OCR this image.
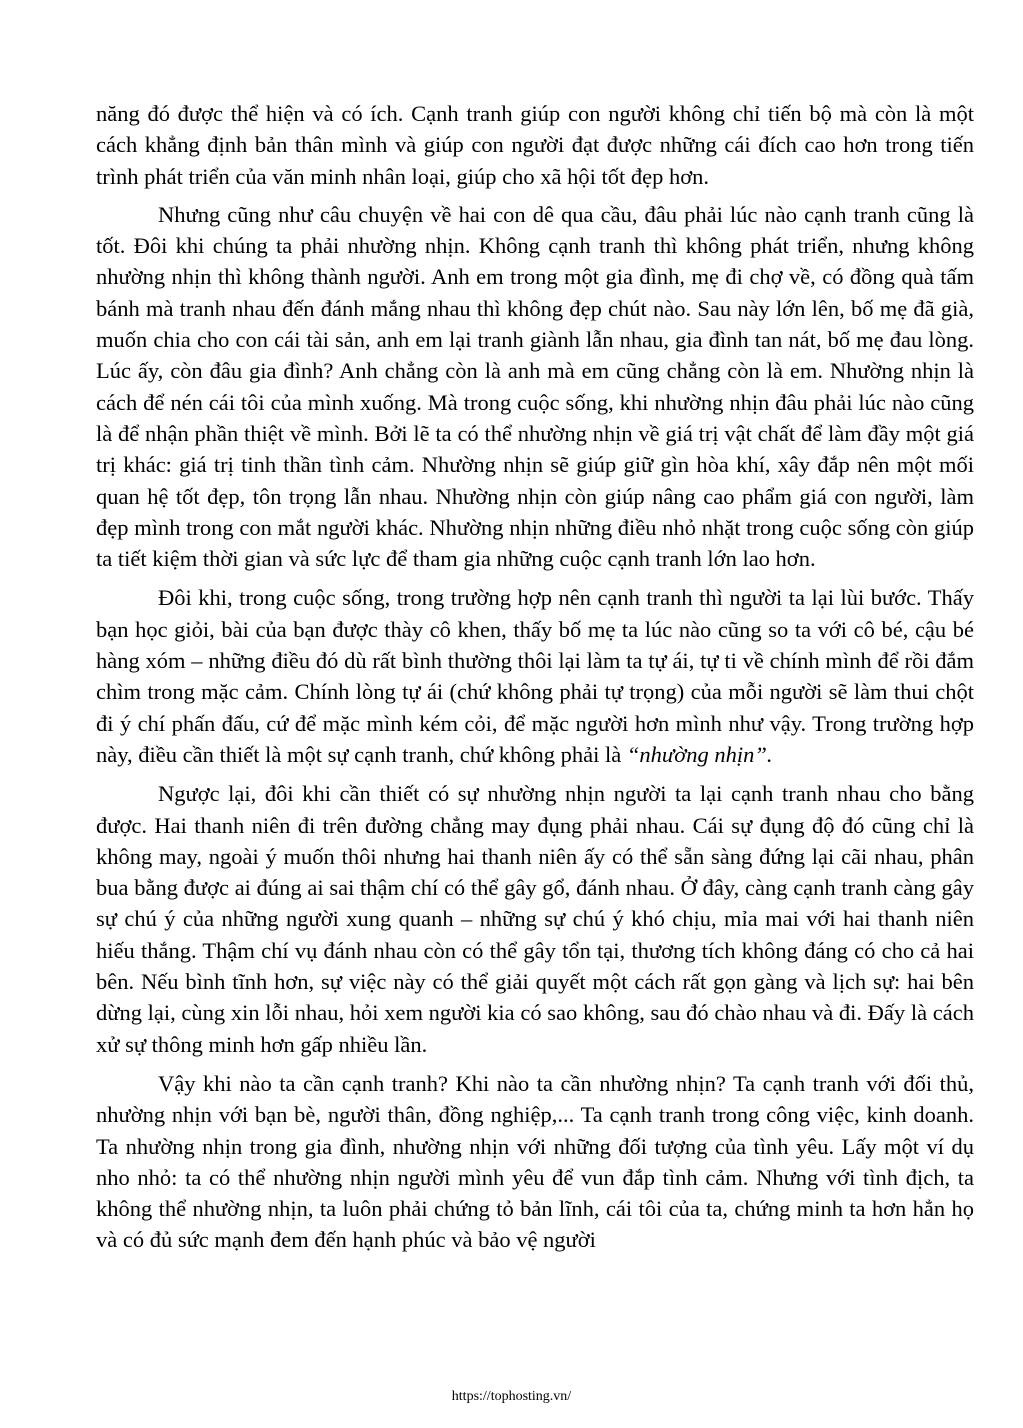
năng đó được thể hiện và có ích. Cạnh tranh giúp con người không chỉ tiến bộ mà còn là một cách khẳng định bản thân mình và giúp con người đạt được những cái đích cao hơn trong tiến trình phát triển của văn minh nhân loại, giúp cho xã hội tốt đẹp hơn.

Nhưng cũng như câu chuyện về hai con dê qua cầu, đâu phải lúc nào cạnh tranh cũng là tốt. Đôi khi chúng ta phải nhường nhịn. Không cạnh tranh thì không phát triển, nhưng không nhường nhịn thì không thành người. Anh em trong một gia đình, mẹ đi chợ về, có đồng quà tấm bánh mà tranh nhau đến đánh mắng nhau thì không đẹp chút nào. Sau này lớn lên, bố mẹ đã già, muốn chia cho con cái tài sản, anh em lại tranh giành lẫn nhau, gia đình tan nát, bố mẹ đau lòng. Lúc ấy, còn đâu gia đình? Anh chẳng còn là anh mà em cũng chẳng còn là em. Nhường nhịn là cách để nén cái tôi của mình xuống. Mà trong cuộc sống, khi nhường nhịn đâu phải lúc nào cũng là để nhận phần thiệt về mình. Bởi lẽ ta có thể nhường nhịn về giá trị vật chất để làm đầy một giá trị khác: giá trị tinh thần tình cảm. Nhường nhịn sẽ giúp giữ gìn hòa khí, xây đắp nên một mối quan hệ tốt đẹp, tôn trọng lẫn nhau. Nhường nhịn còn giúp nâng cao phẩm giá con người, làm đẹp mình trong con mắt người khác. Nhường nhịn những điều nhỏ nhặt trong cuộc sống còn giúp ta tiết kiệm thời gian và sức lực để tham gia những cuộc cạnh tranh lớn lao hơn.

Đôi khi, trong cuộc sống, trong trường hợp nên cạnh tranh thì người ta lại lùi bước. Thấy bạn học giỏi, bài của bạn được thày cô khen, thấy bố mẹ ta lúc nào cũng so ta với cô bé, cậu bé hàng xóm – những điều đó dù rất bình thường thôi lại làm ta tự ái, tự ti về chính mình để rồi đắm chìm trong mặc cảm. Chính lòng tự ái (chứ không phải tự trọng) của mỗi người sẽ làm thui chột đi ý chí phấn đấu, cứ để mặc mình kém cỏi, để mặc người hơn mình như vậy. Trong trường hợp này, điều cần thiết là một sự cạnh tranh, chứ không phải là “nhường nhịn”.

Ngược lại, đôi khi cần thiết có sự nhường nhịn người ta lại cạnh tranh nhau cho bằng được. Hai thanh niên đi trên đường chẳng may đụng phải nhau. Cái sự đụng độ đó cũng chỉ là không may, ngoài ý muốn thôi nhưng hai thanh niên ấy có thể sẵn sàng đứng lại cãi nhau, phân bua bằng được ai đúng ai sai thậm chí có thể gây gổ, đánh nhau. Ở đây, càng cạnh tranh càng gây sự chú ý của những người xung quanh – những sự chú ý khó chịu, mỉa mai với hai thanh niên hiếu thắng. Thậm chí vụ đánh nhau còn có thể gây tổn tại, thương tích không đáng có cho cả hai bên. Nếu bình tĩnh hơn, sự việc này có thể giải quyết một cách rất gọn gàng và lịch sự: hai bên dừng lại, cùng xin lỗi nhau, hỏi xem người kia có sao không, sau đó chào nhau và đi. Đấy là cách xử sự thông minh hơn gấp nhiều lần.

Vậy khi nào ta cần cạnh tranh? Khi nào ta cần nhường nhịn? Ta cạnh tranh với đối thủ, nhường nhịn với bạn bè, người thân, đồng nghiệp,... Ta cạnh tranh trong công việc, kinh doanh. Ta nhường nhịn trong gia đình, nhường nhịn với những đối tượng của tình yêu. Lấy một ví dụ nho nhỏ: ta có thể nhường nhịn người mình yêu để vun đắp tình cảm. Nhưng với tình địch, ta không thể nhường nhịn, ta luôn phải chứng tỏ bản lĩnh, cái tôi của ta, chứng minh ta hơn hẳn họ và có đủ sức mạnh đem đến hạnh phúc và bảo vệ người

https://tophosting.vn/
